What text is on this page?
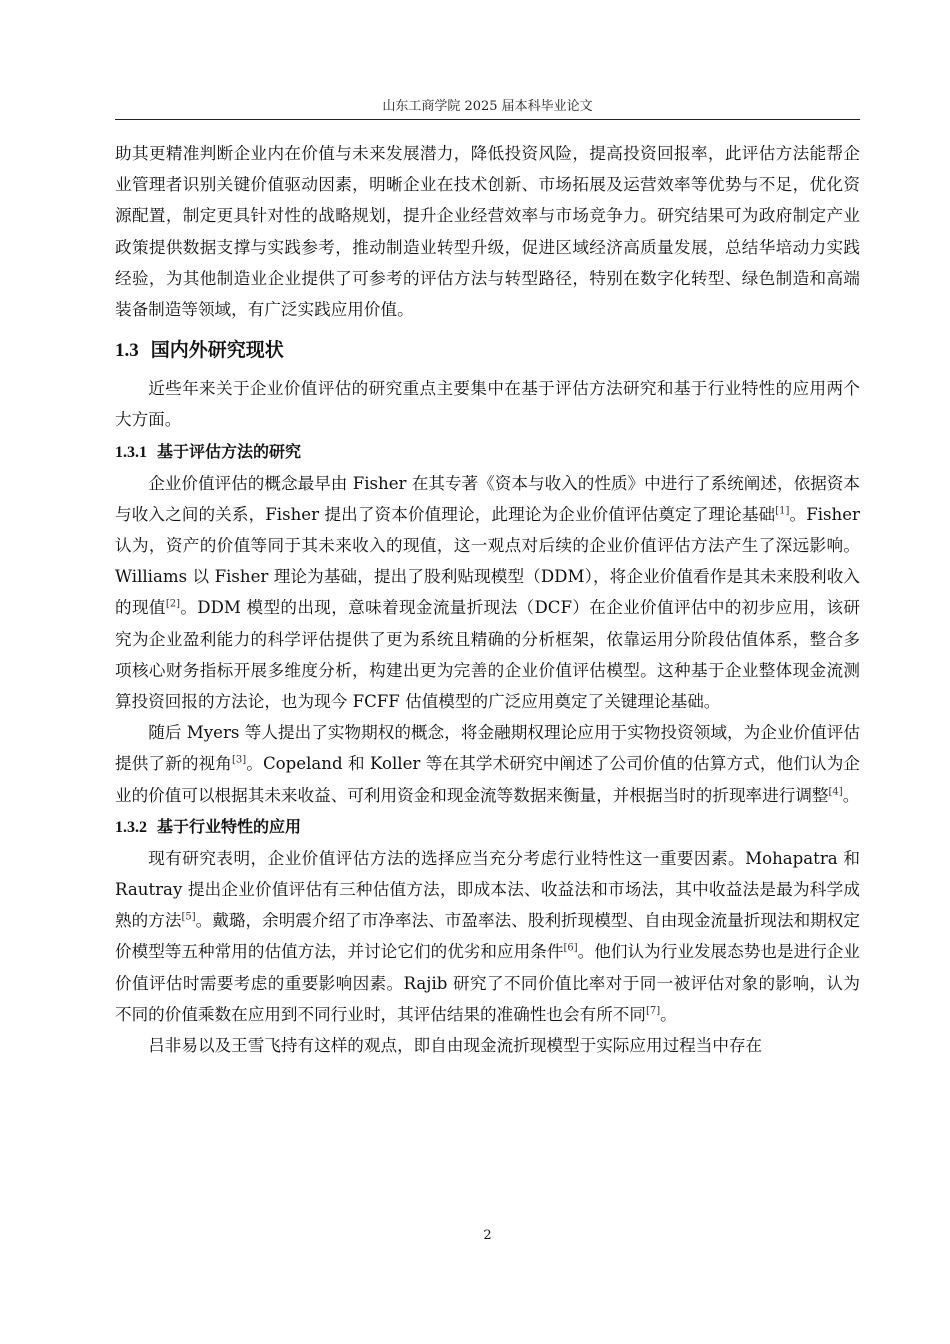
山东工商学院 2025 届本科毕业论文

助其更精准判断企业内在价值与未来发展潜力，降低投资风险，提高投资回报率，此评估方法能帮企业管理者识别关键价值驱动因素，明晰企业在技术创新、市场拓展及运营效率等优势与不足，优化资源配置，制定更具针对性的战略规划，提升企业经营效率与市场竞争力。研究结果可为政府制定产业政策提供数据支撑与实践参考，推动制造业转型升级，促进区域经济高质量发展，总结华培动力实践经验，为其他制造业企业提供了可参考的评估方法与转型路径，特别在数字化转型、绿色制造和高端装备制造等领域，有广泛实践应用价值。

1.3 国内外研究现状

近些年来关于企业价值评估的研究重点主要集中在基于评估方法研究和基于行业特性的应用两个大方面。

1.3.1 基于评估方法的研究

企业价值评估的概念最早由 Fisher 在其专著《资本与收入的性质》中进行了系统阐述，依据资本与收入之间的关系，Fisher 提出了资本价值理论，此理论为企业价值评估奠定了理论基础[1]。Fisher 认为，资产的价值等同于其未来收入的现值，这一观点对后续的企业价值评估方法产生了深远影响。Williams 以 Fisher 理论为基础，提出了股利贴现模型（DDM），将企业价值看作是其未来股利收入的现值[2]。DDM 模型的出现，意味着现金流量折现法（DCF）在企业价值评估中的初步应用，该研究为企业盈利能力的科学评估提供了更为系统且精确的分析框架，依靠运用分阶段估值体系，整合多项核心财务指标开展多维度分析，构建出更为完善的企业价值评估模型。这种基于企业整体现金流测算投资回报的方法论，也为现今 FCFF 估值模型的广泛应用奠定了关键理论基础。

随后 Myers 等人提出了实物期权的概念，将金融期权理论应用于实物投资领域，为企业价值评估提供了新的视角[3]。Copeland 和 Koller 等在其学术研究中阐述了公司价值的估算方式，他们认为企业的价值可以根据其未来收益、可利用资金和现金流等数据来衡量，并根据当时的折现率进行调整[4]。

1.3.2 基于行业特性的应用

现有研究表明，企业价值评估方法的选择应当充分考虑行业特性这一重要因素。Mohapatra 和 Rautray 提出企业价值评估有三种估值方法，即成本法、收益法和市场法，其中收益法是最为科学成熟的方法[5]。戴璐，余明震介绍了市净率法、市盈率法、股利折现模型、自由现金流量折现法和期权定价模型等五种常用的估值方法，并讨论它们的优劣和应用条件[6]。他们认为行业发展态势也是进行企业价值评估时需要考虑的重要影响因素。Rajib 研究了不同价值比率对于同一被评估对象的影响，认为不同的价值乘数在应用到不同行业时，其评估结果的准确性也会有所不同[7]。

吕非易以及王雪飞持有这样的观点，即自由现金流折现模型于实际应用过程当中存在

2
